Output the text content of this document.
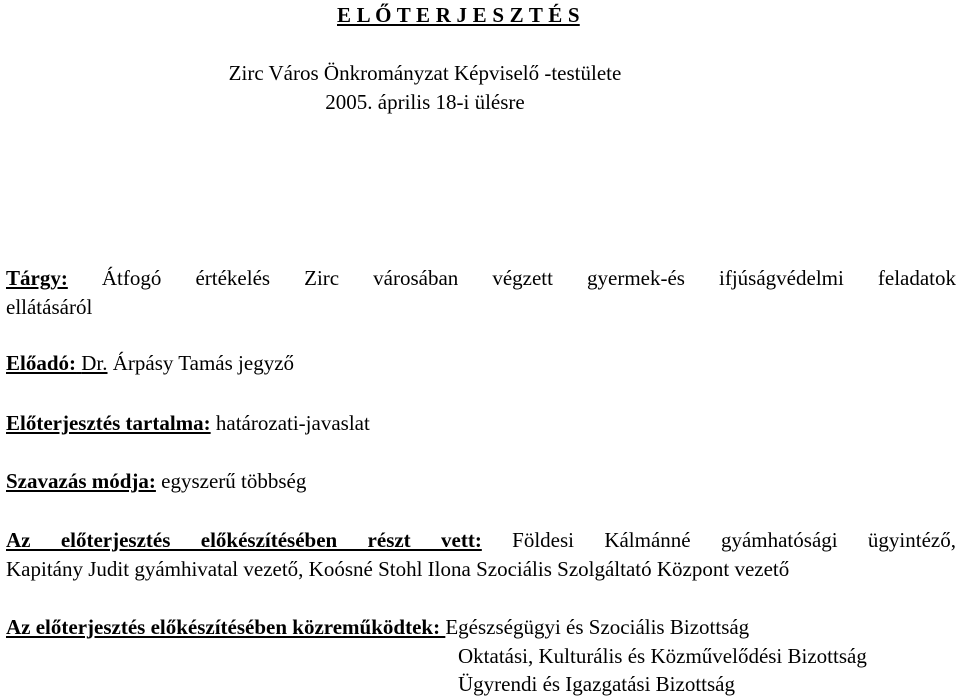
E L Ő T E R J E S Z T É S
Zirc Város Önkrományzat Képviselő -testülete
2005. április 18-i ülésre
Tárgy: Átfogó értékelés Zirc városában végzett gyermek-és ifjúságvédelmi feladatok
ellátásáról
Előadó: Dr. Árpásy Tamás jegyző
Előterjesztés tartalma: határozati-javaslat
Szavazás módja: egyszerű többség
Az előterjesztés előkészítésében részt vett: Földesi Kálmánné gyámhatósági ügyintéző,
Kapitány Judit gyámhivatal vezető, Koósné Stohl Ilona Szociális Szolgáltató Központ vezető
Az előterjesztés előkészítésében közreműködtek: Egészségügyi és Szociális Bizottság
Oktatási, Kulturális és Közművelődési Bizottság
Ügyrendi és Igazgatási Bizottság
